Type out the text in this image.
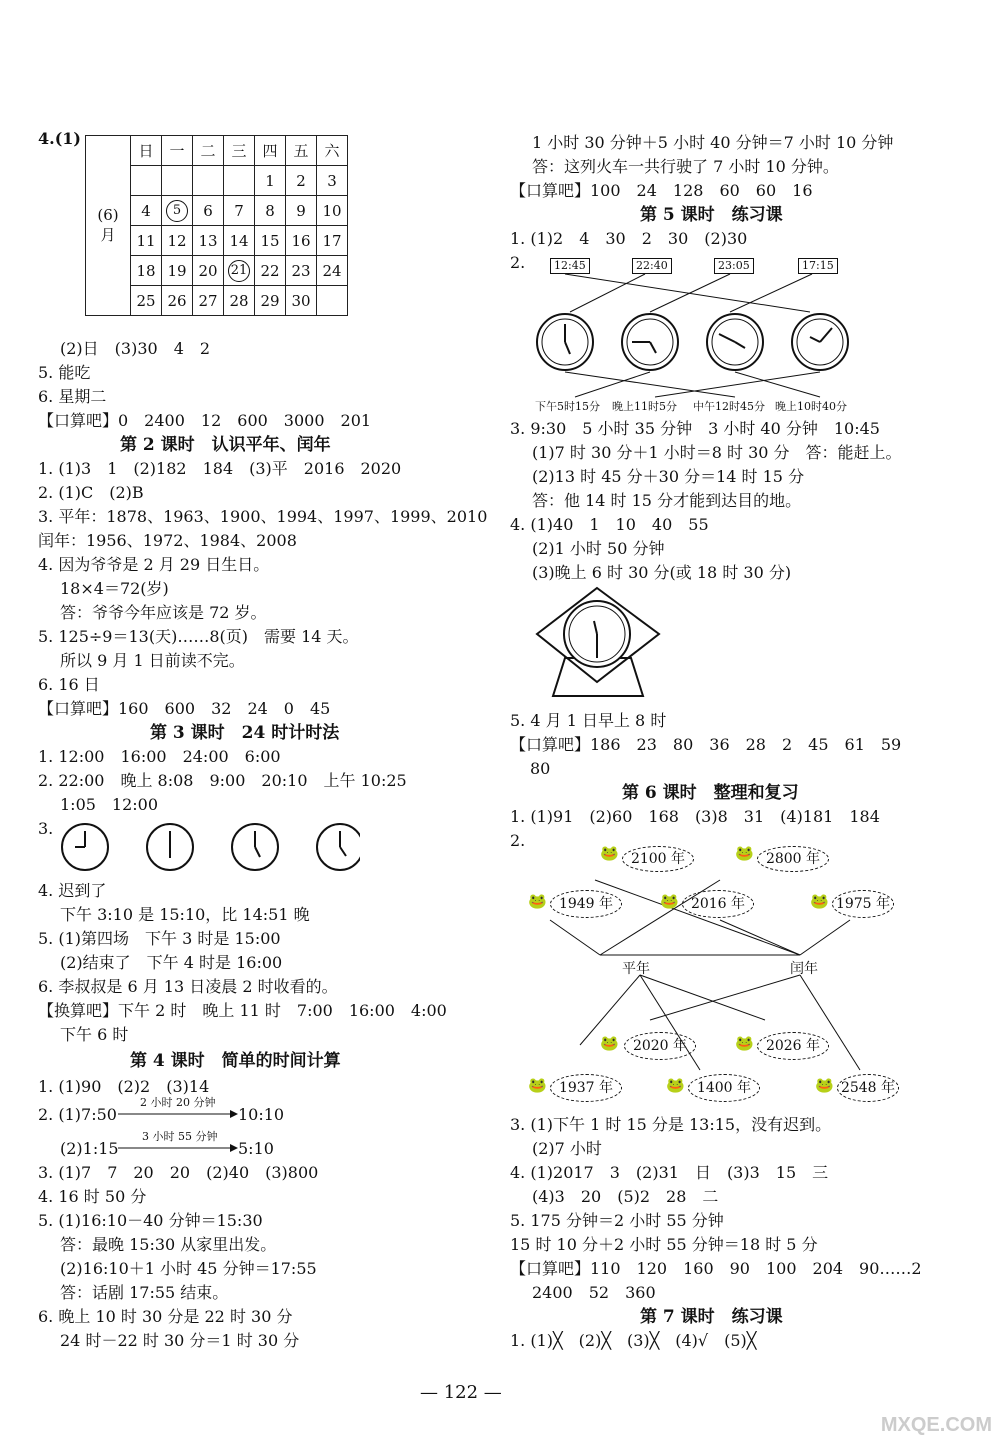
4.(1)
(6)
月	日	一	二	三	四	五	六
					1	2	3
	4	5	6	7	8	9	10
	11	12	13	14	15	16	17
	18	19	20	21	22	23	24
	25	26	27	28	29	30	
(2)日　(3)30　4　2
5. 能吃
6. 星期二
【口算吧】0　2400　12　600　3000　201
第 2 课时　认识平年、闰年
1. (1)3　1　(2)182　184　(3)平　2016　2020
2. (1)C　(2)B
3. 平年：1878、1963、1900、1994、1997、1999、2010
闰年：1956、1972、1984、2008
4. 因为爷爷是 2 月 29 日生日。
18×4＝72(岁)
答：爷爷今年应该是 72 岁。
5. 125÷9＝13(天)……8(页)　需要 14 天。
所以 9 月 1 日前读不完。
6. 16 日
【口算吧】160　600　32　24　0　45
第 3 课时　24 时计时法
1. 12:00　16:00　24:00　6:00
2. 22:00　晚上 8:08　9:00　20:10　上午 10:25
1:05　12:00
3.
4. 迟到了
下午 3:10 是 15:10，比 14:51 晚
5. (1)第四场　下午 3 时是 15:00
(2)结束了　下午 4 时是 16:00
6. 李叔叔是 6 月 13 日凌晨 2 时收看的。
【换算吧】下午 2 时　晚上 11 时　7:00　16:00　4:00
下午 6 时
第 4 课时　简单的时间计算
1. (1)90　(2)2　(3)14
2. (1)7:50
2 小时 20 分钟
10:10
(2)1:15
3 小时 55 分钟
5:10
3. (1)7　7　20　20　(2)40　(3)800
4. 16 时 50 分
5. (1)16:10－40 分钟＝15:30
答：最晚 15:30 从家里出发。
(2)16:10＋1 小时 45 分钟＝17:55
答：话剧 17:55 结束。
6. 晚上 10 时 30 分是 22 时 30 分
24 时－22 时 30 分＝1 时 30 分
1 小时 30 分钟＋5 小时 40 分钟＝7 小时 10 分钟
答：这列火车一共行驶了 7 小时 10 分钟。
【口算吧】100　24　128　60　60　16
第 5 课时　练习课
1. (1)2　4　30　2　30　(2)30
2.	12:45	22:40	23:05	17:15
下午5时15分 晚上11时5分 中午12时45分 晚上10时40分
3. 9:30　5 小时 35 分钟　3 小时 40 分钟　10:45
(1)7 时 30 分＋1 小时＝8 时 30 分　答：能赶上。
(2)13 时 45 分＋30 分＝14 时 15 分
答：他 14 时 15 分才能到达目的地。
4. (1)40　1　10　40　55
(2)1 小时 50 分钟
(3)晚上 6 时 30 分(或 18 时 30 分)
5. 4 月 1 日早上 8 时
【口算吧】186　23　80　36　28　2　45　61　59
80
第 6 课时　整理和复习
1. (1)91　(2)60　168　(3)8　31　(4)181　184
2.
🐸 2100 年	🐸 2800 年
🐸 1949 年	🐸 2016 年	🐸 1975 年
平年	闰年
🐸	2020 年	🐸 2026 年
🐸 1937 年	🐸 1400 年	🐸 2548 年
3. (1)下午 1 时 15 分是 13:15，没有迟到。
(2)7 小时
4. (1)2017　3　(2)31　日　(3)3　15　三
(4)3　20　(5)2　28　二
5. 175 分钟＝2 小时 55 分钟
15 时 10 分＋2 小时 55 分钟＝18 时 5 分
【口算吧】110　120　160　90　100　204　90……2
2400　52　360
第 7 课时　练习课
1. (1)╳　(2)╳　(3)╳　(4)√　(5)╳
— 122 —
MXQE.COM
